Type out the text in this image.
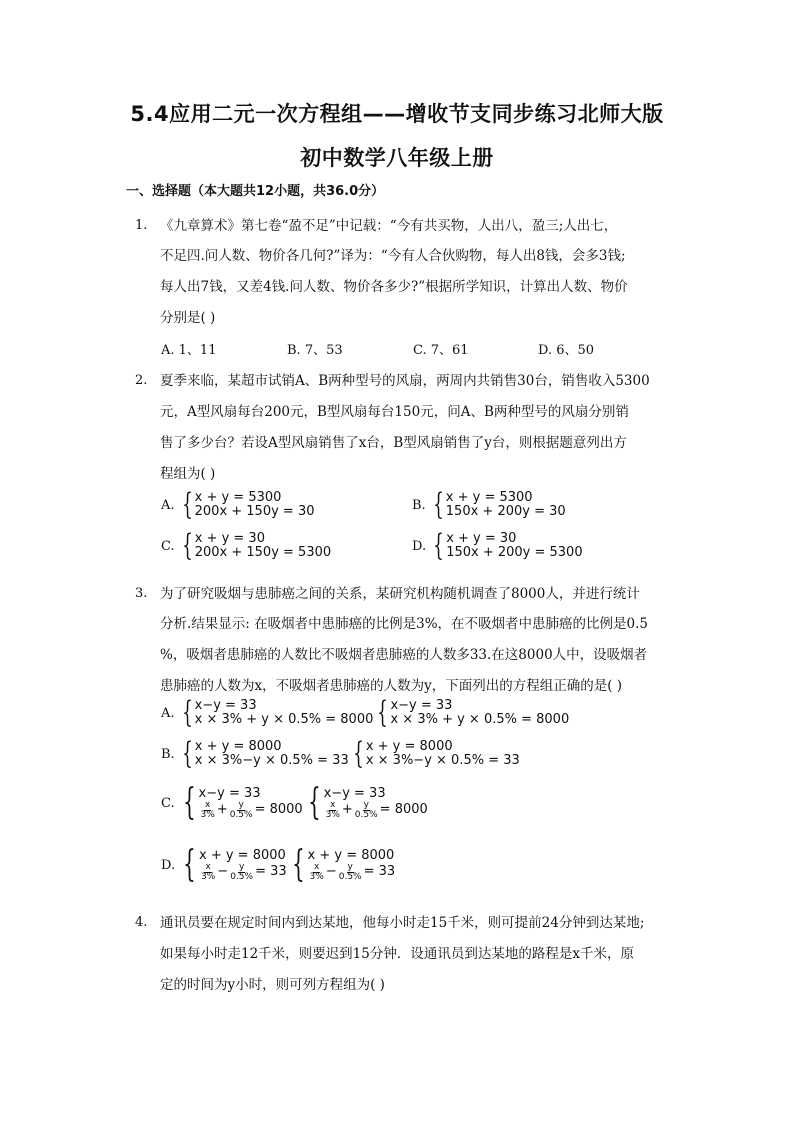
5.4应用二元一次方程组——增收节支同步练习北师大版
初中数学八年级上册
一、选择题（本大题共12小题，共36.0分）
1. 《九章算术》第七卷“盈不足”中记载：“今有共买物，人出八，盈三;人出七，
不足四.问人数、物价各几何?”译为：“今有人合伙购物，每人出8钱，会多3钱;
每人出7钱，又差4钱.问人数、物价各多少?”根据所学知识，计算出人数、物价
分别是( )
A. 1、11	B. 7、53	C. 7、61	D. 6、50
2. 夏季来临，某超市试销A、B两种型号的风扇，两周内共销售30台，销售收入5300
元，A型风扇每台200元，B型风扇每台150元，问A、B两种型号的风扇分别销
售了多少台？若设A型风扇销售了x台，B型风扇销售了y台，则根据题意列出方
程组为( )
A. { x + y = 5300
200x + 150y = 30	B. { x + y = 5300
150x + 200y = 30
C. { x + y = 30
200x + 150y = 5300	D. { x + y = 30
150x + 200y = 5300
3. 为了研究吸烟与患肺癌之间的关系，某研究机构随机调查了8000人，并进行统计
分析.结果显示: 在吸烟者中患肺癌的比例是3%，在不吸烟者中患肺癌的比例是0.5
%，吸烟者患肺癌的人数比不吸烟者患肺癌的人数多33.在这8000人中，设吸烟者
患肺癌的人数为x，不吸烟者患肺癌的人数为y，下面列出的方程组正确的是( )
A. { x−y = 33
x × 3% + y × 0.5% = 8000 { x−y = 33
x × 3% + y × 0.5% = 8000
B. { x + y = 8000
x × 3%−y × 0.5% = 33 { x + y = 8000
x × 3%−y × 0.5% = 33
C. { x−y = 33
$\frac{x}{3\%} + \frac{y}{0.5\%} = 8000$ { x−y = 33
$\frac{x}{3\%} + \frac{y}{0.5\%} = 8000$
D. { x + y = 8000
$\frac{x}{3\%} - \frac{y}{0.5\%} = 33$ { x + y = 8000
$\frac{x}{3\%} - \frac{y}{0.5\%} = 33$
4. 通讯员要在规定时间内到达某地，他每小时走15千米，则可提前24分钟到达某地;
如果每小时走12千米，则要迟到15分钟．设通讯员到达某地的路程是x千米，原
定的时间为y小时，则可列方程组为( )
